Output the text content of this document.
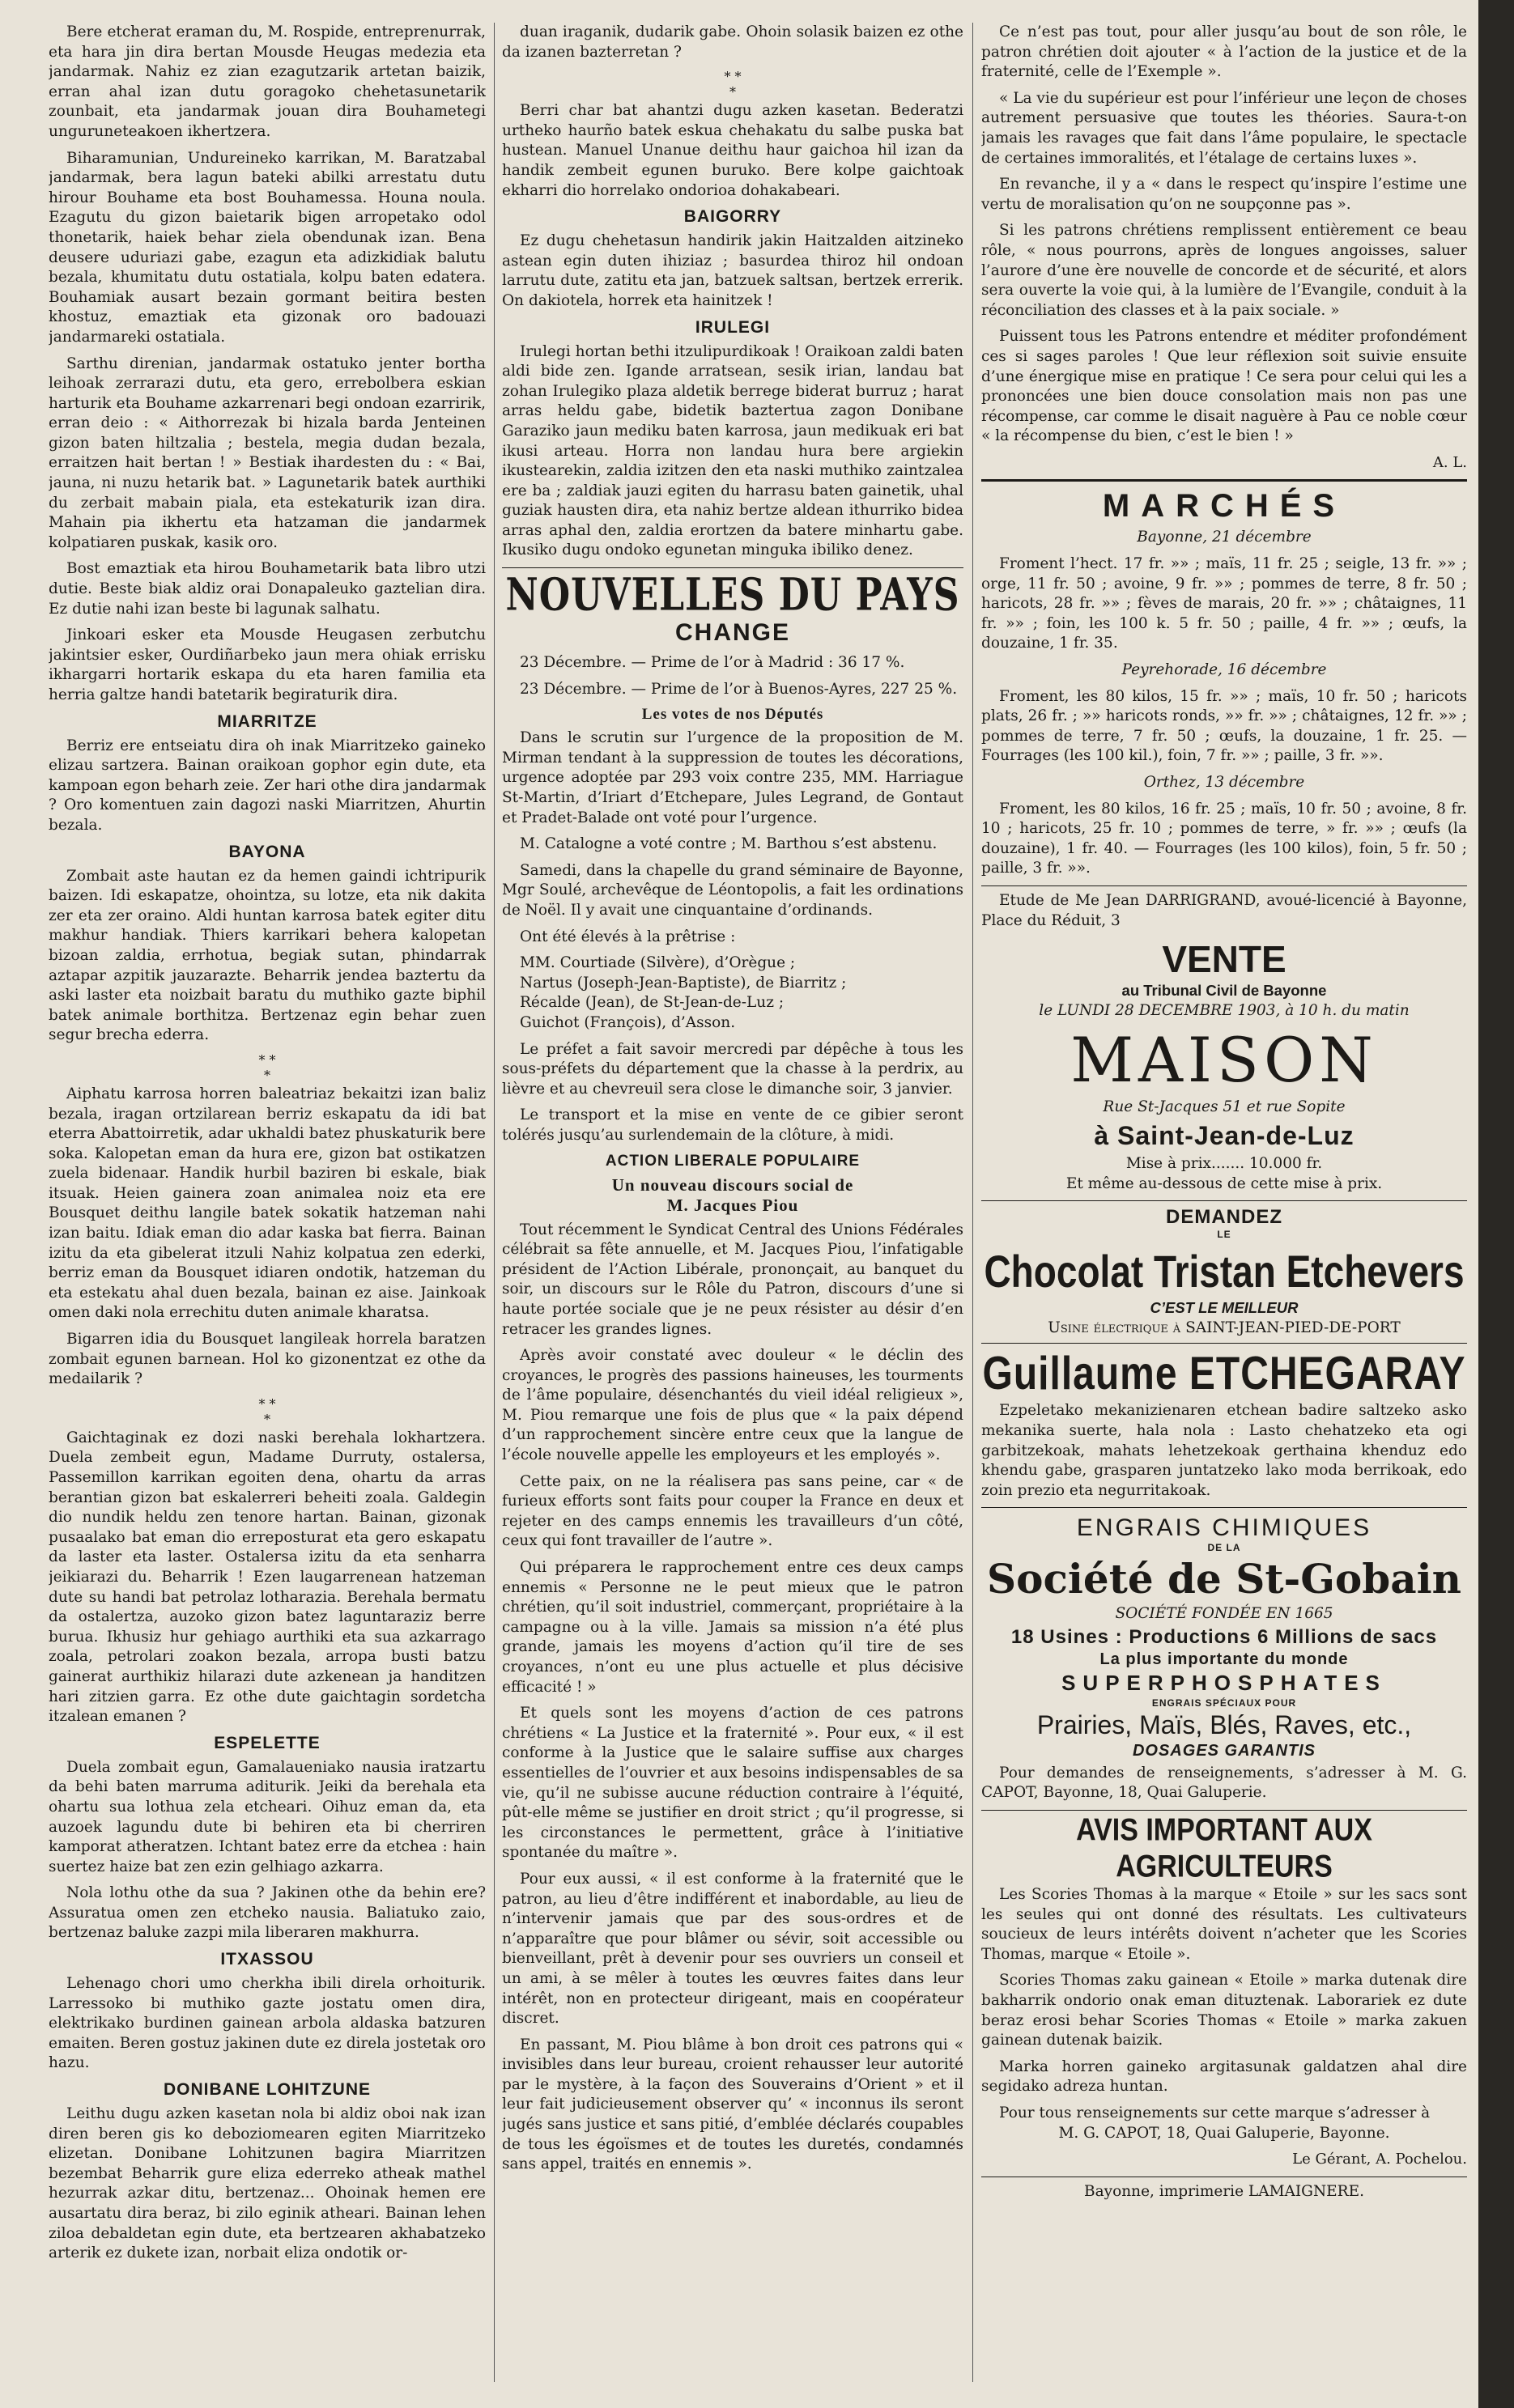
Bere etcherat eraman du, M. Rospide, entreprenurrak, eta hara jin dira bertan Mousde Heugas medezia eta jandarmak. Nahiz ez zian ezagutzarik artetan baizik, erran ahal izan dutu goragoko chehetasunetarik zounbait, eta jandarmak jouan dira Bouhametegi unguruneteakoen ikhertzera.

Biharamunian, Undureineko karrikan, M. Baratzabal jandarmak, bera lagun bateki abilki arrestatu dutu hirour Bouhame eta bost Bouhamessa. Houna noula. Ezagutu du gizon baietarik bigen arropetako odol thonetarik, haiek behar ziela obendunak izan. Bena deusere uduriazi gabe, ezagun eta adizkidiak balutu bezala, khumitatu dutu ostatiala, kolpu baten edatera. Bouhamiak ausart bezain gormant beitira besten khostuz, emaztiak eta gizonak oro badouazi jandarmareki ostatiala.

Sarthu direnian, jandarmak ostatuko jenter bortha leihoak zerrarazi dutu, eta gero, errebolbera eskian harturik eta Bouhame azkarrenari begi ondoan ezarririk, erran deio : « Aithorrezak bi hizala barda Jenteinen gizon baten hiltzalia ; bestela, megia dudan bezala, erraitzen hait bertan ! » Bestiak ihardesten du : « Bai, jauna, ni nuzu hetarik bat. » Lagunetarik batek aurthiki du zerbait mabain piala, eta estekaturik izan dira. Mahain pia ikhertu eta hatzaman die jandarmek kolpatiaren puskak, kasik oro.

Bost emaztiak eta hirou Bouhametarik bata libro utzi dutie. Beste biak aldiz orai Donapaleuko gaztelian dira. Ez dutie nahi izan beste bi lagunak salhatu.

Jinkoari esker eta Mousde Heugasen zerbutchu jakintsier esker, Ourdiñarbeko jaun mera ohiak errisku ikhargarri hortarik eskapa du eta haren familia eta herria galtze handi batetarik begiraturik dira.

MIARRITZE

Berriz ere entseiatu dira oh inak Miarritzeko gaineko elizau sartzera. Bainan oraikoan gophor egin dute, eta kampoan egon beharh zeie. Zer hari othe dira jandarmak ? Oro komentuen zain dagozi naski Miarritzen, Ahurtin bezala.

BAYONA

Zombait aste hautan ez da hemen gaindi ichtripurik baizen. Idi eskapatze, ohointza, su lotze, eta nik dakita zer eta zer oraino. Aldi huntan karrosa batek egiter ditu makhur handiak. Thiers karrikari behera kalopetan bizoan zaldia, errhotua, begiak sutan, phindarrak aztapar azpitik jauzarazte. Beharrik jendea baztertu da aski laster eta noizbait baratu du muthiko gazte biphil batek animale borthitza. Bertzenaz egin behar zuen segur brecha ederra.

* *
*

Aiphatu karrosa horren baleatriaz bekaitzi izan baliz bezala, iragan ortzilarean berriz eskapatu da idi bat eterra Abattoirretik, adar ukhaldi batez phuskaturik bere soka. Kalopetan eman da hura ere, gizon bat ostikatzen zuela bidenaar. Handik hurbil baziren bi eskale, biak itsuak. Heien gainera zoan animalea noiz eta ere Bousquet deithu langile batek sokatik hatzeman nahi izan baitu. Idiak eman dio adar kaska bat fierra. Bainan izitu da eta gibelerat itzuli Nahiz kolpatua zen ederki, berriz eman da Bousquet idiaren ondotik, hatzeman du eta estekatu ahal duen bezala, bainan ez aise. Jainkoak omen daki nola errechitu duten animale kharatsa.

Bigarren idia du Bousquet langileak horrela baratzen zombait egunen barnean. Hol ko gizonentzat ez othe da medailarik ?

* *
*

Gaichtaginak ez dozi naski berehala lokhartzera. Duela zembeit egun, Madame Durruty, ostalersa, Passemillon karrikan egoiten dena, ohartu da arras berantian gizon bat eskalerreri beheiti zoala. Galdegin dio nundik heldu zen tenore hartan. Bainan, gizonak pusaalako bat eman dio erreposturat eta gero eskapatu da laster eta laster. Ostalersa izitu da eta senharra jeikiarazi du. Beharrik ! Ezen laugarrenean hatzeman dute su handi bat petrolaz lotharazia. Berehala bermatu da ostalertza, auzoko gizon batez laguntaraziz berre burua. Ikhusiz hur gehiago aurthiki eta sua azkarrago zoala, petrolari zoakon bezala, arropa busti batzu gainerat aurthikiz hilarazi dute azkenean ja handitzen hari zitzien garra. Ez othe dute gaichtagin sordetcha itzalean emanen ?

ESPELETTE

Duela zombait egun, Gamalaueniako nausia iratzartu da behi baten marruma aditurik. Jeiki da berehala eta ohartu sua lothua zela etcheari. Oihuz eman da, eta auzoek lagundu dute bi behiren eta bi cherriren kamporat atheratzen. Ichtant batez erre da etchea : hain suertez haize bat zen ezin gelhiago azkarra.

Nola lothu othe da sua ? Jakinen othe da behin ere? Assuratua omen zen etcheko nausia. Baliatuko zaio, bertzenaz baluke zazpi mila liberaren makhurra.

ITXASSOU

Lehenago chori umo cherkha ibili direla orhoiturik. Larressoko bi muthiko gazte jostatu omen dira, elektrikako burdinen gainean arbola aldaska batzuren emaiten. Beren gostuz jakinen dute ez direla jostetak oro hazu.

DONIBANE LOHITZUNE

Leithu dugu azken kasetan nola bi aldiz oboi nak izan diren beren gis ko deboziomearen egiten Miarritzeko elizetan. Donibane Lohitzunen bagira Miarritzen bezembat Beharrik gure eliza ederreko atheak mathel hezurrak azkar ditu, bertzenaz... Ohoinak hemen ere ausartatu dira beraz, bi zilo eginik atheari. Bainan lehen ziloa debaldetan egin dute, eta bertzearen akhabatzeko arterik ez dukete izan, norbait eliza ondotik or-

duan iraganik, dudarik gabe. Ohoin solasik baizen ez othe da izanen bazterretan ?

* *
*

Berri char bat ahantzi dugu azken kasetan. Bederatzi urtheko haurño batek eskua chehakatu du salbe puska bat hustean. Manuel Unanue deithu haur gaichoa hil izan da handik zembeit egunen buruko. Bere kolpe gaichtoak ekharri dio horrelako ondorioa dohakabeari.

BAIGORRY

Ez dugu chehetasun handirik jakin Haitzalden aitzineko astean egin duten ihiziaz ; basurdea thiroz hil ondoan larrutu dute, zatitu eta jan, batzuek saltsan, bertzek errerik. On dakiotela, horrek eta hainitzek !

IRULEGI

Irulegi hortan bethi itzulipurdikoak ! Oraikoan zaldi baten aldi bide zen. Igande arratsean, sesik irian, landau bat zohan Irulegiko plaza aldetik berrege biderat burruz ; harat arras heldu gabe, bidetik baztertua zagon Donibane Garaziko jaun mediku baten karrosa, jaun medikuak eri bat ikusi arteau. Horra non landau hura bere argiekin ikustearekin, zaldia izitzen den eta naski muthiko zaintzalea ere ba ; zaldiak jauzi egiten du harrasu baten gainetik, uhal guziak hausten dira, eta nahiz bertze aldean ithurriko bidea arras aphal den, zaldia erortzen da batere minhartu gabe. Ikusiko dugu ondoko egunetan minguka ibiliko denez.

NOUVELLES DU PAYS
CHANGE

23 Décembre. — Prime de l’or à Madrid : 36 17 %.

23 Décembre. — Prime de l’or à Buenos-Ayres, 227 25 %.

Les votes de nos Députés

Dans le scrutin sur l’urgence de la proposition de M. Mirman tendant à la suppression de toutes les décorations, urgence adoptée par 293 voix contre 235, MM. Harriague St-Martin, d’Iriart d’Etchepare, Jules Legrand, de Gontaut et Pradet-Balade ont voté pour l’urgence.

M. Catalogne a voté contre ; M. Barthou s’est abstenu.

Samedi, dans la chapelle du grand séminaire de Bayonne, Mgr Soulé, archevêque de Léontopolis, a fait les ordinations de Noël. Il y avait une cinquantaine d’ordinands.

Ont été élevés à la prêtrise :

MM. Courtiade (Silvère), d’Orègue ;

Nartus (Joseph-Jean-Baptiste), de Biarritz ;

Récalde (Jean), de St-Jean-de-Luz ;

Guichot (François), d’Asson.

Le préfet a fait savoir mercredi par dépêche à tous les sous-préfets du département que la chasse à la perdrix, au lièvre et au chevreuil sera close le dimanche soir, 3 janvier.

Le transport et la mise en vente de ce gibier seront tolérés jusqu’au surlendemain de la clôture, à midi.

ACTION LIBERALE POPULAIRE
Un nouveau discours social de
M. Jacques Piou

Tout récemment le Syndicat Central des Unions Fédérales célébrait sa fête annuelle, et M. Jacques Piou, l’infatigable président de l’Action Libérale, prononçait, au banquet du soir, un discours sur le Rôle du Patron, discours d’une si haute portée sociale que je ne peux résister au désir d’en retracer les grandes lignes.

Après avoir constaté avec douleur « le déclin des croyances, le progrès des passions haineuses, les tourments de l’âme populaire, désenchantés du vieil idéal religieux », M. Piou remarque une fois de plus que « la paix dépend d’un rapprochement sincère entre ceux que la langue de l’école nouvelle appelle les employeurs et les employés ».

Cette paix, on ne la réalisera pas sans peine, car « de furieux efforts sont faits pour couper la France en deux et rejeter en des camps ennemis les travailleurs d’un côté, ceux qui font travailler de l’autre ».

Qui préparera le rapprochement entre ces deux camps ennemis « Personne ne le peut mieux que le patron chrétien, qu’il soit industriel, commerçant, propriétaire à la campagne ou à la ville. Jamais sa mission n’a été plus grande, jamais les moyens d’action qu’il tire de ses croyances, n’ont eu une plus actuelle et plus décisive efficacité ! »

Et quels sont les moyens d’action de ces patrons chrétiens « La Justice et la fraternité ». Pour eux, « il est conforme à la Justice que le salaire suffise aux charges essentielles de l’ouvrier et aux besoins indispensables de sa vie, qu’il ne subisse aucune réduction contraire à l’équité, pût-elle même se justifier en droit strict ; qu’il progresse, si les circonstances le permettent, grâce à l’initiative spontanée du maître ».

Pour eux aussi, « il est conforme à la fraternité que le patron, au lieu d’être indifférent et inabordable, au lieu de n’intervenir jamais que par des sous-ordres et de n’apparaître que pour blâmer ou sévir, soit accessible ou bienveillant, prêt à devenir pour ses ouvriers un conseil et un ami, à se mêler à toutes les œuvres faites dans leur intérêt, non en protecteur dirigeant, mais en coopérateur discret.

En passant, M. Piou blâme à bon droit ces patrons qui « invisibles dans leur bureau, croient rehausser leur autorité par le mystère, à la façon des Souverains d’Orient » et il leur fait judicieusement observer qu’ « inconnus ils seront jugés sans justice et sans pitié, d’emblée déclarés coupables de tous les égoïsmes et de toutes les duretés, condamnés sans appel, traités en ennemis ».

Ce n’est pas tout, pour aller jusqu’au bout de son rôle, le patron chrétien doit ajouter « à l’action de la justice et de la fraternité, celle de l’Exemple ».

« La vie du supérieur est pour l’inférieur une leçon de choses autrement persuasive que toutes les théories. Saura-t-on jamais les ravages que fait dans l’âme populaire, le spectacle de certaines immoralités, et l’étalage de certains luxes ».

En revanche, il y a « dans le respect qu’inspire l’estime une vertu de moralisation qu’on ne soupçonne pas ».

Si les patrons chrétiens remplissent entièrement ce beau rôle, « nous pourrons, après de longues angoisses, saluer l’aurore d’une ère nouvelle de concorde et de sécurité, et alors sera ouverte la voie qui, à la lumière de l’Evangile, conduit à la réconciliation des classes et à la paix sociale. »

Puissent tous les Patrons entendre et méditer profondément ces si sages paroles ! Que leur réflexion soit suivie ensuite d’une énergique mise en pratique ! Ce sera pour celui qui les a prononcées une bien douce consolation mais non pas une récompense, car comme le disait naguère à Pau ce noble cœur « la récompense du bien, c’est le bien ! »

A. L.

MARCHÉS

Bayonne, 21 décembre

Froment l’hect. 17 fr. »» ; maïs, 11 fr. 25 ; seigle, 13 fr. »» ; orge, 11 fr. 50 ; avoine, 9 fr. »» ; pommes de terre, 8 fr. 50 ; haricots, 28 fr. »» ; fèves de marais, 20 fr. »» ; châtaignes, 11 fr. »» ; foin, les 100 k. 5 fr. 50 ; paille, 4 fr. »» ; œufs, la douzaine, 1 fr. 35.

Peyrehorade, 16 décembre

Froment, les 80 kilos, 15 fr. »» ; maïs, 10 fr. 50 ; haricots plats, 26 fr. ; »» haricots ronds, »» fr. »» ; châtaignes, 12 fr. »» ; pommes de terre, 7 fr. 50 ; œufs, la douzaine, 1 fr. 25. — Fourrages (les 100 kil.), foin, 7 fr. »» ; paille, 3 fr. »».

Orthez, 13 décembre

Froment, les 80 kilos, 16 fr. 25 ; maïs, 10 fr. 50 ; avoine, 8 fr. 10 ; haricots, 25 fr. 10 ; pommes de terre, » fr. »» ; œufs (la douzaine), 1 fr. 40. — Fourrages (les 100 kilos), foin, 5 fr. 50 ; paille, 3 fr. »».

Etude de Me Jean DARRIGRAND, avoué-licencié à Bayonne, Place du Réduit, 3

VENTE

au Tribunal Civil de Bayonne

le LUNDI 28 DECEMBRE 1903, à 10 h. du matin

MAISON

Rue St-Jacques 51 et rue Sopite

à Saint-Jean-de-Luz

Mise à prix....... 10.000 fr.

Et même au-dessous de cette mise à prix.

DEMANDEZ
LE
Chocolat Tristan Etchevers

C’EST LE MEILLEUR

Usine électrique à SAINT-JEAN-PIED-DE-PORT

Guillaume ETCHEGARAY

Ezpeletako mekanizienaren etchean badire saltzeko asko mekanika suerte, hala nola : Lasto chehatzeko eta ogi garbitzekoak, mahats lehetzekoak gerthaina khenduz edo khendu gabe, grasparen juntatzeko lako moda berrikoak, edo zoin prezio eta negurritakoak.

ENGRAIS CHIMIQUES
DE LA
Société de St-Gobain

SOCIÉTÉ FONDÉE EN 1665

18 Usines : Productions 6 Millions de sacs
La plus importante du monde
SUPERPHOSPHATES
ENGRAIS SPÉCIAUX POUR
Prairies, Maïs, Blés, Raves, etc.,
DOSAGES GARANTIS

Pour demandes de renseignements, s’adresser à M. G. CAPOT, Bayonne, 18, Quai Galuperie.

AVIS IMPORTANT AUX AGRICULTEURS

Les Scories Thomas à la marque « Etoile » sur les sacs sont les seules qui ont donné des résultats. Les cultivateurs soucieux de leurs intérêts doivent n’acheter que les Scories Thomas, marque « Etoile ».

Scories Thomas zaku gainean « Etoile » marka dutenak dire bakharrik ondorio onak eman dituztenak. Laborariek ez dute beraz erosi behar Scories Thomas « Etoile » marka zakuen gainean dutenak baizik.

Marka horren gaineko argitasunak galdatzen ahal dire segidako adreza huntan.

Pour tous renseignements sur cette marque s’adresser à

M. G. CAPOT, 18, Quai Galuperie, Bayonne.

Le Gérant, A. Pochelou.

Bayonne, imprimerie LAMAIGNERE.
